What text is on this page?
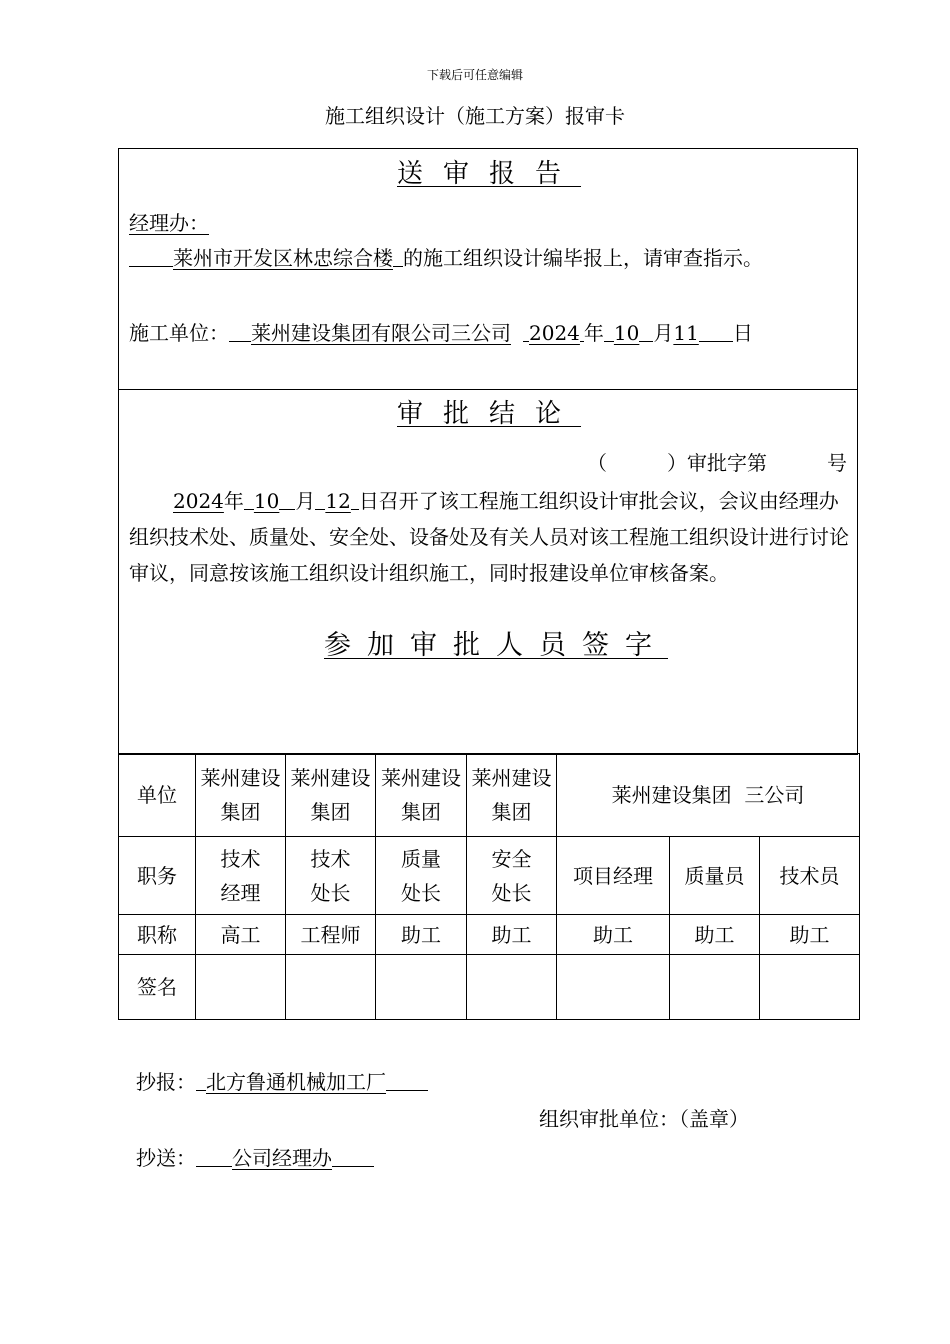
下载后可任意编辑
施工组织设计（施工方案）报审卡
送审报告
经理办：
莱州市开发区林忠综合楼 的施工组织设计编毕报上，请审查指示。
施工单位： 莱州建设集团有限公司三公司 2024 年 10 月11 日
审批结论
（　　　）审批字第　　　号
2024年 10 月 12 日召开了该工程施工组织设计审批会议，会议由经理办组织技术处、质量处、安全处、设备处及有关人员对该工程施工组织设计进行讨论审议，同意按该施工组织设计组织施工，同时报建设单位审核备案。
参加审批人员签字
单位	莱州建设集团	莱州建设集团	莱州建设集团	莱州建设集团	莱州建设集团  三公司		
职务	技术经理	技术处长	质量处长	安全处长	项目经理	质量员	技术员
职称	高工	工程师	助工	助工	助工	助工	助工
签名							
抄报： 北方鲁通机械加工厂
组织审批单位：（盖章）
抄送： 公司经理办
